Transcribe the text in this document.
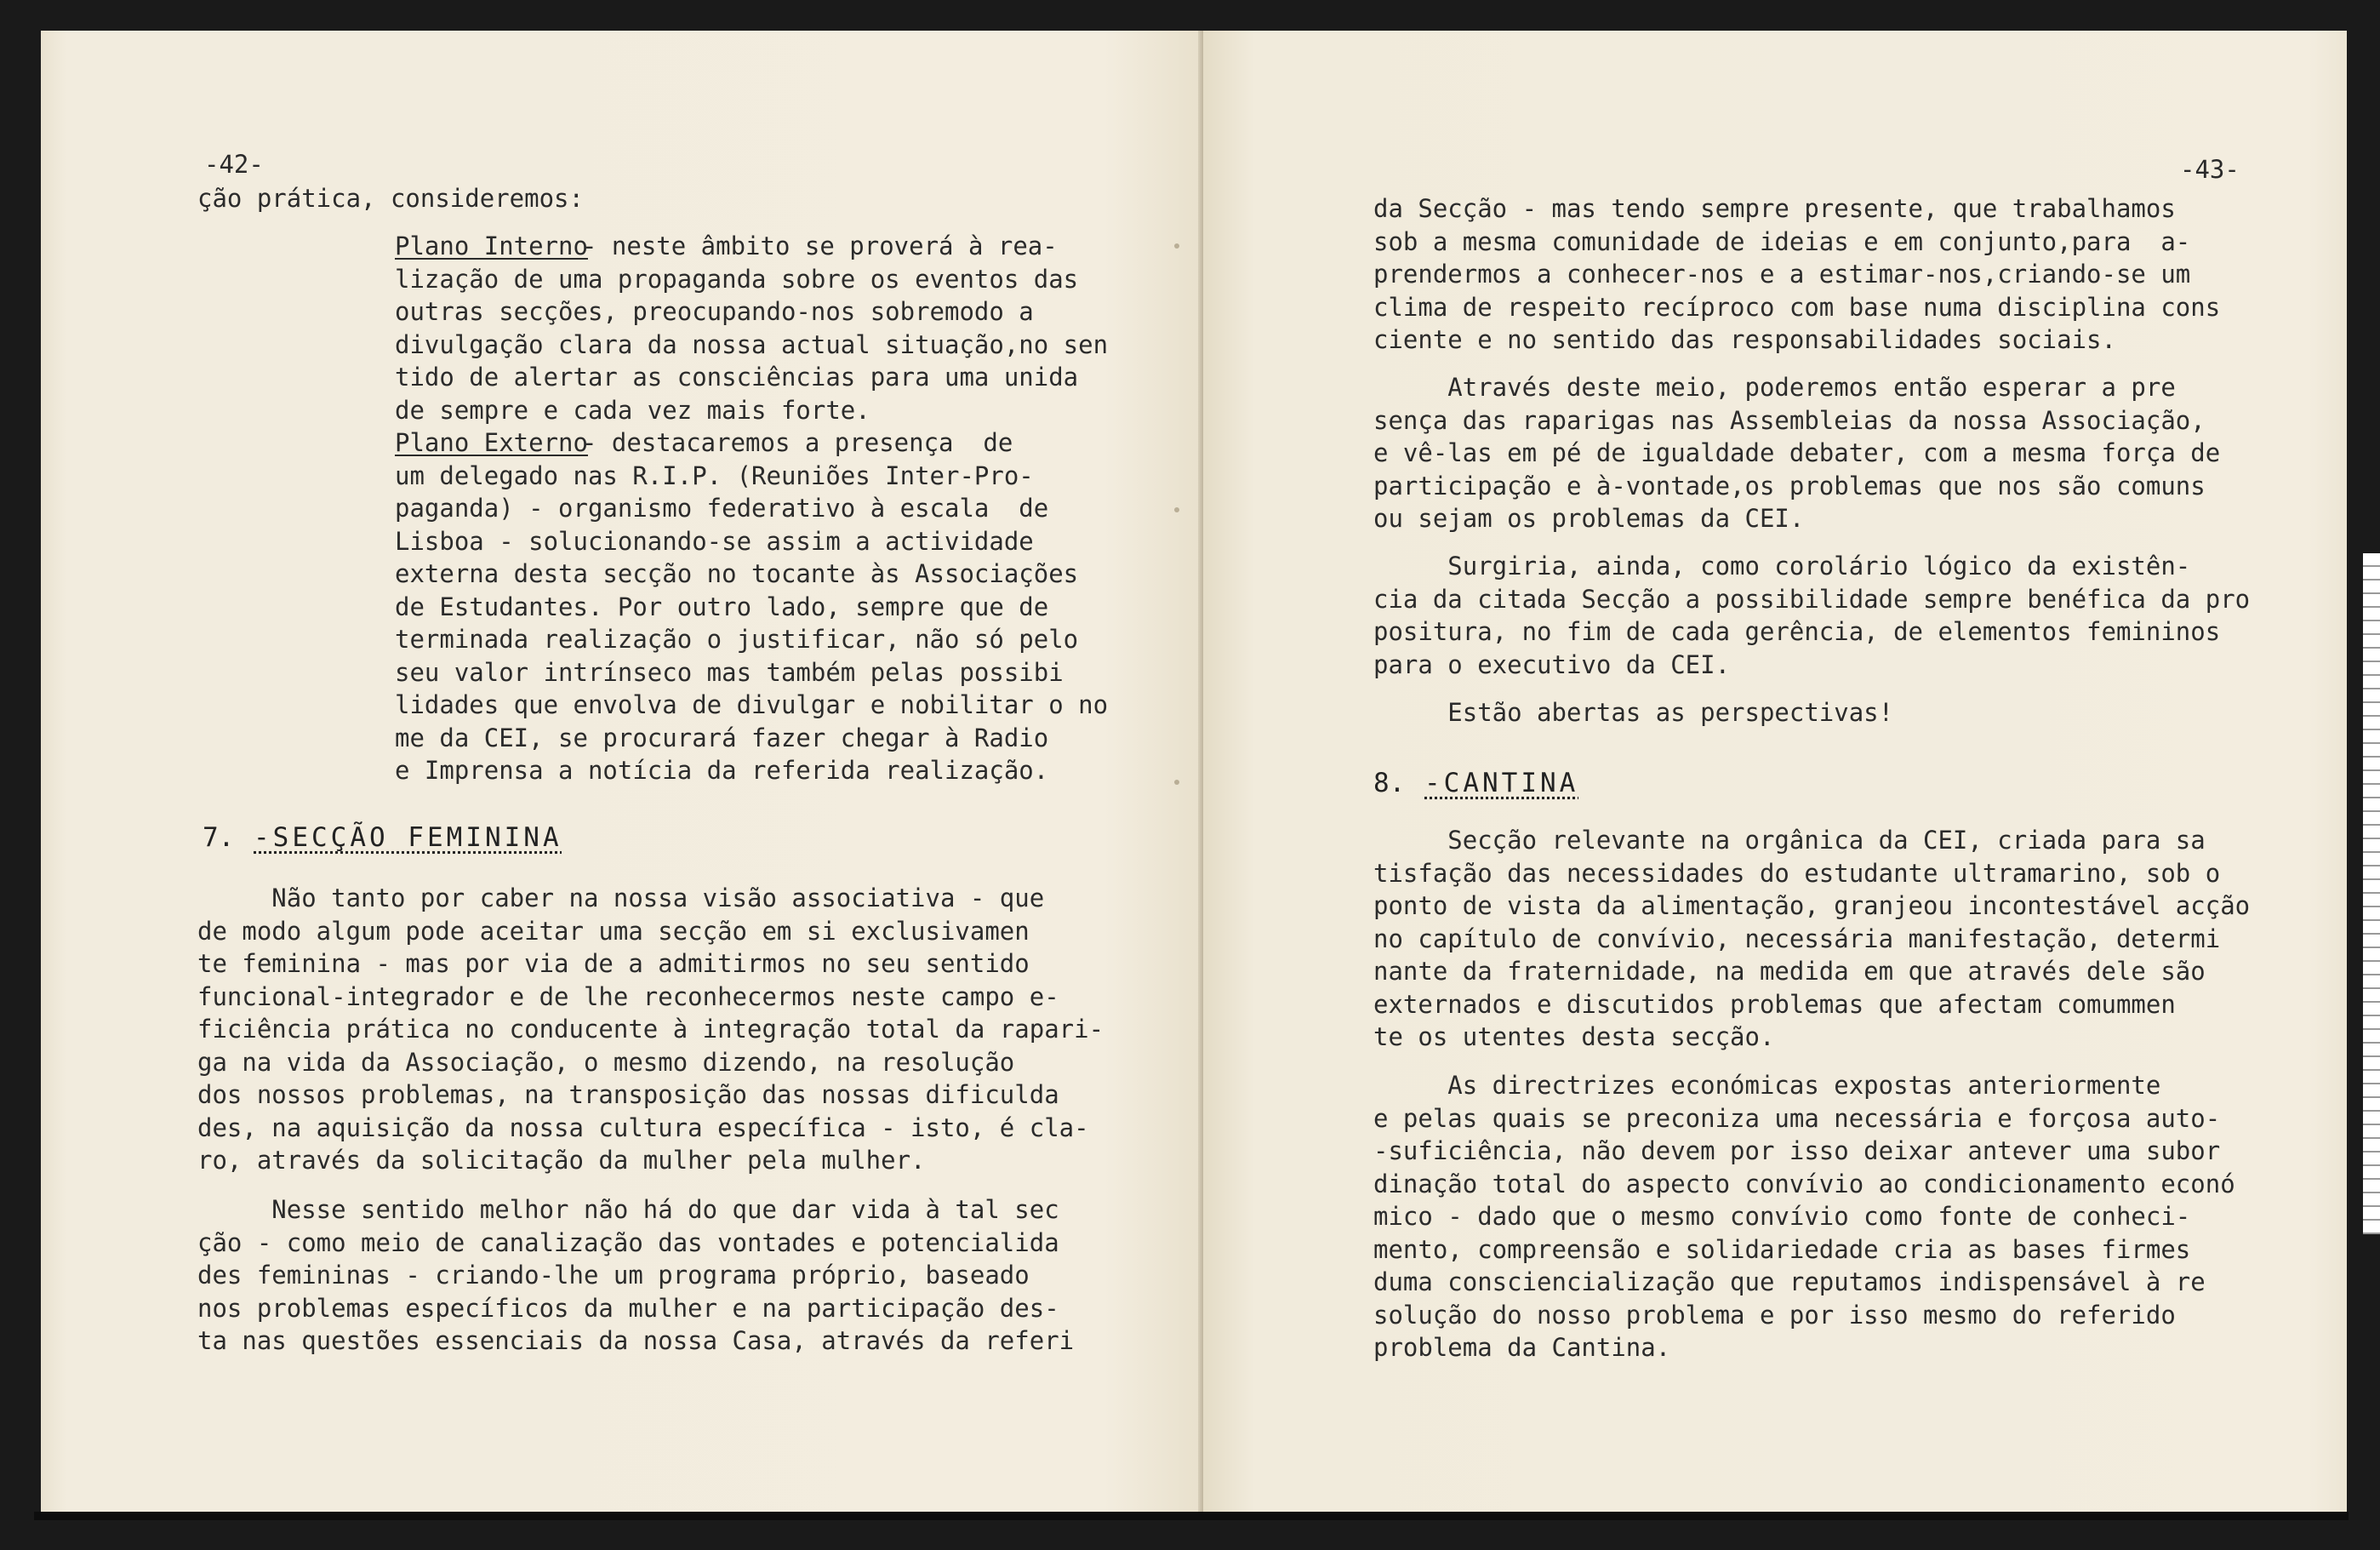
-42-
ção prática, consideremos:
Plano Interno
- neste âmbito se proverá à rea-
lização de uma propaganda sobre os eventos das
outras secções, preocupando-nos sobremodo a
divulgação clara da nossa actual situação,no sen
tido de alertar as consciências para uma unida
de sempre e cada vez mais forte.
Plano Externo
- destacaremos a presença  de
um delegado nas R.I.P. (Reuniões Inter-Pro-
paganda) - organismo federativo à escala  de
Lisboa - solucionando-se assim a actividade
externa desta secção no tocante às Associações
de Estudantes. Por outro lado, sempre que de
terminada realização o justificar, não só pelo
seu valor intrínseco mas também pelas possibi
lidades que envolva de divulgar e nobilitar o no
me da CEI, se procurará fazer chegar à Radio
e Imprensa a notícia da referida realização.
7. -SECÇÃO FEMININA
Não tanto por caber na nossa visão associativa - que
de modo algum pode aceitar uma secção em si exclusivamen
te feminina - mas por via de a admitirmos no seu sentido
funcional-integrador e de lhe reconhecermos neste campo e-
ficiência prática no conducente à integração total da rapari-
ga na vida da Associação, o mesmo dizendo, na resolução
dos nossos problemas, na transposição das nossas dificulda
des, na aquisição da nossa cultura específica - isto, é cla-
ro, através da solicitação da mulher pela mulher.
Nesse sentido melhor não há do que dar vida à tal sec
ção - como meio de canalização das vontades e potencialida
des femininas - criando-lhe um programa próprio, baseado
nos problemas específicos da mulher e na participação des-
ta nas questões essenciais da nossa Casa, através da referi
-43-
da Secção - mas tendo sempre presente, que trabalhamos
sob a mesma comunidade de ideias e em conjunto,para  a-
prendermos a conhecer-nos e a estimar-nos,criando-se um
clima de respeito recíproco com base numa disciplina cons
ciente e no sentido das responsabilidades sociais.
Através deste meio, poderemos então esperar a pre
sença das raparigas nas Assembleias da nossa Associação,
e vê-las em pé de igualdade debater, com a mesma força de
participação e à-vontade,os problemas que nos são comuns
ou sejam os problemas da CEI.
Surgiria, ainda, como corolário lógico da existên-
cia da citada Secção a possibilidade sempre benéfica da pro
positura, no fim de cada gerência, de elementos femininos
para o executivo da CEI.
Estão abertas as perspectivas!
8. -CANTINA
Secção relevante na orgânica da CEI, criada para sa
tisfação das necessidades do estudante ultramarino, sob o
ponto de vista da alimentação, granjeou incontestável acção
no capítulo de convívio, necessária manifestação, determi
nante da fraternidade, na medida em que através dele são
externados e discutidos problemas que afectam comummen
te os utentes desta secção.
As directrizes económicas expostas anteriormente
e pelas quais se preconiza uma necessária e forçosa auto-
-suficiência, não devem por isso deixar antever uma subor
dinação total do aspecto convívio ao condicionamento econó
mico - dado que o mesmo convívio como fonte de conheci-
mento, compreensão e solidariedade cria as bases firmes
duma consciencialização que reputamos indispensável à re
solução do nosso problema e por isso mesmo do referido
problema da Cantina.
